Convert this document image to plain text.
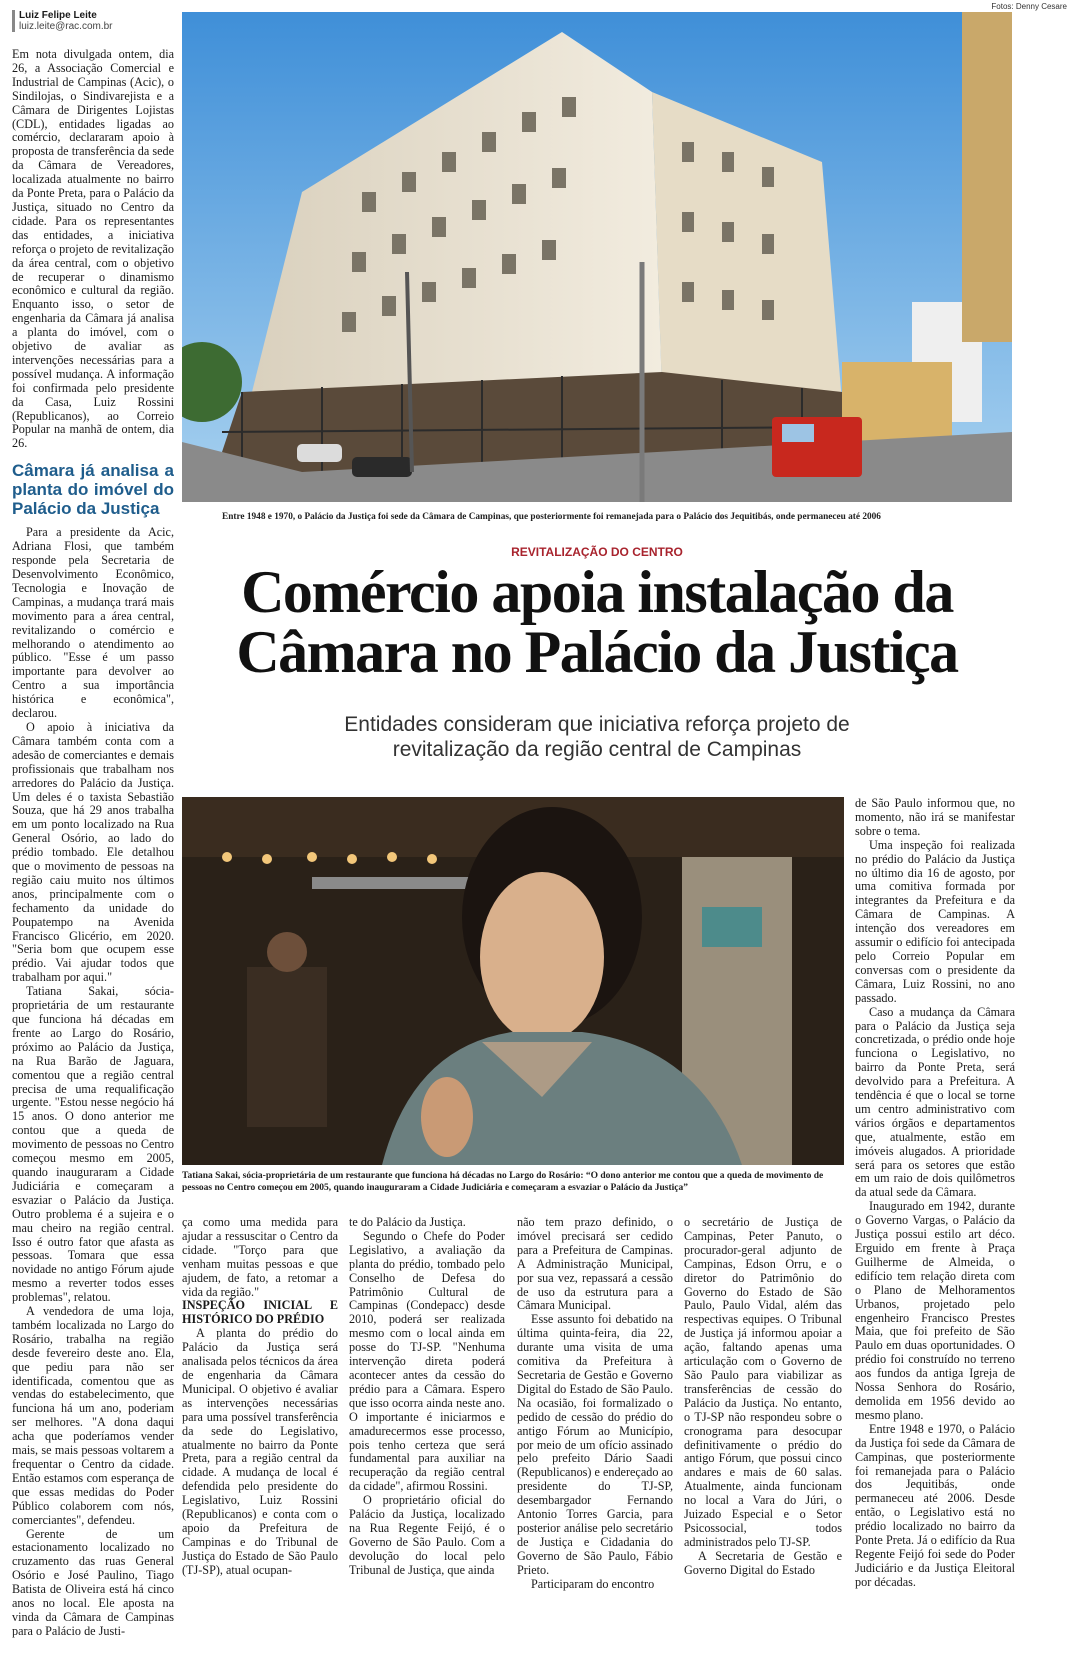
Fotos: Denny Cesare
Luiz Felipe Leite
luiz.leite@rac.com.br

Em nota divulgada ontem, dia 26, a Associação Comercial e Industrial de Campinas (Acic), o Sindilojas, o Sindivarejista e a Câmara de Dirigentes Lojistas (CDL), entidades ligadas ao comércio, declararam apoio à proposta de transferência da sede da Câmara de Vereadores, localizada atualmente no bairro da Ponte Preta, para o Palácio da Justiça, situado no Centro da cidade. Para os representantes das entidades, a iniciativa reforça o projeto de revitalização da área central, com o objetivo de recuperar o dinamismo econômico e cultural da região. Enquanto isso, o setor de engenharia da Câmara já analisa a planta do imóvel, com o objetivo de avaliar as intervenções necessárias para a possível mudança. A informação foi confirmada pelo presidente da Casa, Luiz Rossini (Republicanos), ao Correio Popular na manhã de ontem, dia 26.

Câmara já analisa a planta do imóvel do Palácio da Justiça

Para a presidente da Acic, Adriana Flosi, que também responde pela Secretaria de Desenvolvimento Econômico, Tecnologia e Inovação de Campinas, a mudança trará mais movimento para a área central, revitalizando o comércio e melhorando o atendimento ao público. "Esse é um passo importante para devolver ao Centro a sua importância histórica e econômica", declarou.

O apoio à iniciativa da Câmara também conta com a adesão de comerciantes e demais profissionais que trabalham nos arredores do Palácio da Justiça. Um deles é o taxista Sebastião Souza, que há 29 anos trabalha em um ponto localizado na Rua General Osório, ao lado do prédio tombado. Ele detalhou que o movimento de pessoas na região caiu muito nos últimos anos, principalmente com o fechamento da unidade do Poupatempo na Avenida Francisco Glicério, em 2020. "Seria bom que ocupem esse prédio. Vai ajudar todos que trabalham por aqui."

Tatiana Sakai, sócia-proprietária de um restaurante que funciona há décadas em frente ao Largo do Rosário, próximo ao Palácio da Justiça, na Rua Barão de Jaguara, comentou que a região central precisa de uma requalificação urgente. "Estou nesse negócio há 15 anos. O dono anterior me contou que a queda de movimento de pessoas no Centro começou mesmo em 2005, quando inauguraram a Cidade Judiciária e começaram a esvaziar o Palácio da Justiça. Outro problema é a sujeira e o mau cheiro na região central. Isso é outro fator que afasta as pessoas. Tomara que essa novidade no antigo Fórum ajude mesmo a reverter todos esses problemas", relatou.

A vendedora de uma loja, também localizada no Largo do Rosário, trabalha na região desde fevereiro deste ano. Ela, que pediu para não ser identificada, comentou que as vendas do estabelecimento, que funciona há um ano, poderiam ser melhores. "A dona daqui acha que poderíamos vender mais, se mais pessoas voltarem a frequentar o Centro da cidade. Então estamos com esperança de que essas medidas do Poder Público colaborem com nós, comerciantes", defendeu.

Gerente de um estacionamento localizado no cruzamento das ruas General Osório e José Paulino, Tiago Batista de Oliveira está há cinco anos no local. Ele aposta na vinda da Câmara de Campinas para o Palácio de Justi-

Entre 1948 e 1970, o Palácio da Justiça foi sede da Câmara de Campinas, que posteriormente foi remanejada para o Palácio dos Jequitibás, onde permaneceu até 2006
REVITALIZAÇÃO DO CENTRO
Comércio apoia instalação da
Câmara no Palácio da Justiça
Entidades consideram que iniciativa reforça projeto de
revitalização da região central de Campinas
Tatiana Sakai, sócia-proprietária de um restaurante que funciona há décadas no Largo do Rosário: “O dono anterior me contou que a queda de movimento de pessoas no Centro começou em 2005, quando inauguraram a Cidade Judiciária e começaram a esvaziar o Palácio da Justiça”

ça como uma medida para ajudar a ressuscitar o Centro da cidade. "Torço para que venham muitas pessoas e que ajudem, de fato, a retomar a vida da região."

INSPEÇÃO INICIAL E HISTÓRICO DO PRÉDIO

A planta do prédio do Palácio da Justiça será analisada pelos técnicos da área de engenharia da Câmara Municipal. O objetivo é avaliar as intervenções necessárias para uma possível transferência da sede do Legislativo, atualmente no bairro da Ponte Preta, para a região central da cidade. A mudança de local é defendida pelo presidente do Legislativo, Luiz Rossini (Republicanos) e conta com o apoio da Prefeitura de Campinas e do Tribunal de Justiça do Estado de São Paulo (TJ-SP), atual ocupan-

te do Palácio da Justiça.

Segundo o Chefe do Poder Legislativo, a avaliação da planta do prédio, tombado pelo Conselho de Defesa do Patrimônio Cultural de Campinas (Condepacc) desde 2010, poderá ser realizada mesmo com o local ainda em posse do TJ-SP. "Nenhuma intervenção direta poderá acontecer antes da cessão do prédio para a Câmara. Espero que isso ocorra ainda neste ano. O importante é iniciarmos e amadurecermos esse processo, pois tenho certeza que será fundamental para auxiliar na recuperação da região central da cidade", afirmou Rossini.

O proprietário oficial do Palácio da Justiça, localizado na Rua Regente Feijó, é o Governo de São Paulo. Com a devolução do local pelo Tribunal de Justiça, que ainda

não tem prazo definido, o imóvel precisará ser cedido para a Prefeitura de Campinas. A Administração Municipal, por sua vez, repassará a cessão de uso da estrutura para a Câmara Municipal.

Esse assunto foi debatido na última quinta-feira, dia 22, durante uma visita de uma comitiva da Prefeitura à Secretaria de Gestão e Governo Digital do Estado de São Paulo. Na ocasião, foi formalizado o pedido de cessão do prédio do antigo Fórum ao Município, por meio de um ofício assinado pelo prefeito Dário Saadi (Republicanos) e endereçado ao presidente do TJ-SP, desembargador Fernando Antonio Torres Garcia, para posterior análise pelo secretário de Justiça e Cidadania do Governo de São Paulo, Fábio Prieto.

Participaram do encontro

o secretário de Justiça de Campinas, Peter Panuto, o procurador-geral adjunto de Campinas, Edson Orru, e o diretor do Patrimônio do Governo do Estado de São Paulo, Paulo Vidal, além das respectivas equipes. O Tribunal de Justiça já informou apoiar a ação, faltando apenas uma articulação com o Governo de São Paulo para viabilizar as transferências de cessão do Palácio da Justiça. No entanto, o TJ-SP não respondeu sobre o cronograma para desocupar definitivamente o prédio do antigo Fórum, que possui cinco andares e mais de 60 salas. Atualmente, ainda funcionam no local a Vara do Júri, o Juizado Especial e o Setor Psicossocial, todos administrados pelo TJ-SP.

A Secretaria de Gestão e Governo Digital do Estado

de São Paulo informou que, no momento, não irá se manifestar sobre o tema.

Uma inspeção foi realizada no prédio do Palácio da Justiça no último dia 16 de agosto, por uma comitiva formada por integrantes da Prefeitura e da Câmara de Campinas. A intenção dos vereadores em assumir o edifício foi antecipada pelo Correio Popular em conversas com o presidente da Câmara, Luiz Rossini, no ano passado.

Caso a mudança da Câmara para o Palácio da Justiça seja concretizada, o prédio onde hoje funciona o Legislativo, no bairro da Ponte Preta, será devolvido para a Prefeitura. A tendência é que o local se torne um centro administrativo com vários órgãos e departamentos que, atualmente, estão em imóveis alugados. A prioridade será para os setores que estão em um raio de dois quilômetros da atual sede da Câmara.

Inaugurado em 1942, durante o Governo Vargas, o Palácio da Justiça possui estilo art déco. Erguido em frente à Praça Guilherme de Almeida, o edifício tem relação direta com o Plano de Melhoramentos Urbanos, projetado pelo engenheiro Francisco Prestes Maia, que foi prefeito de São Paulo em duas oportunidades. O prédio foi construído no terreno aos fundos da antiga Igreja de Nossa Senhora do Rosário, demolida em 1956 devido ao mesmo plano.

Entre 1948 e 1970, o Palácio da Justiça foi sede da Câmara de Campinas, que posteriormente foi remanejada para o Palácio dos Jequitibás, onde permaneceu até 2006. Desde então, o Legislativo está no prédio localizado no bairro da Ponte Preta. Já o edifício da Rua Regente Feijó foi sede do Poder Judiciário e da Justiça Eleitoral por décadas.
